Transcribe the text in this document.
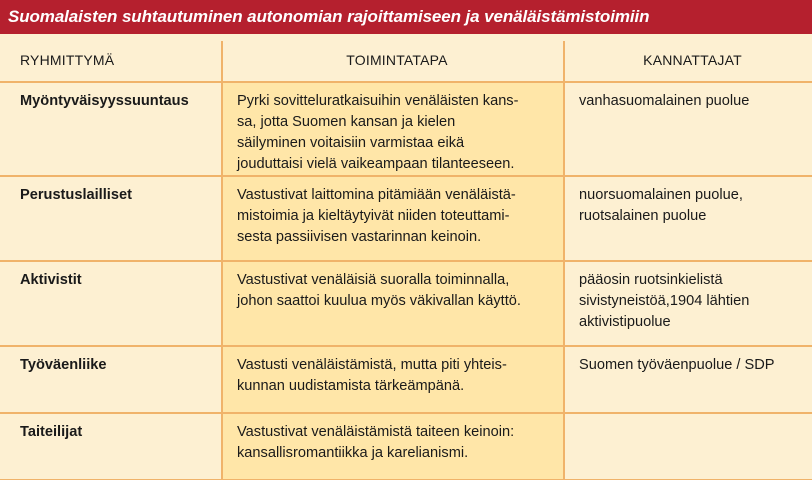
Suomalaisten suhtautuminen autonomian rajoittamiseen ja venäläistämistoimiin
RYHMITTYMÄ	TOIMINTATAPA	KANNATTAJAT
Myöntyväisyyssuuntaus	Pyrki sovitteluratkaisuihin venäläisten kans-
sa, jotta Suomen kansan ja kielen
säilyminen voitaisiin varmistaa eikä
jouduttaisi vielä vaikeampaan tilanteeseen.	vanhasuomalainen puolue

Perustuslailliset	Vastustivat laittomina pitämiään venäläistä-
mistoimia ja kieltäytyivät niiden toteuttami-
sesta passiivisen vastarinnan keinoin.	nuorsuomalainen puolue,
ruotsalainen puolue

Aktivistit	Vastustivat venäläisiä suoralla toiminnalla,
johon saattoi kuulua myös väkivallan käyttö.	pääosin ruotsinkielistä
sivistyneistöä,1904 lähtien
aktivistipuolue

Työväenliike	Vastusti venäläistämistä, mutta piti yhteis-
kunnan uudistamista tärkeämpänä.	Suomen työväenpuolue / SDP

Taiteilijat	Vastustivat venäläistämistä taiteen keinoin:
kansallisromantiikka ja karelianismi.	
